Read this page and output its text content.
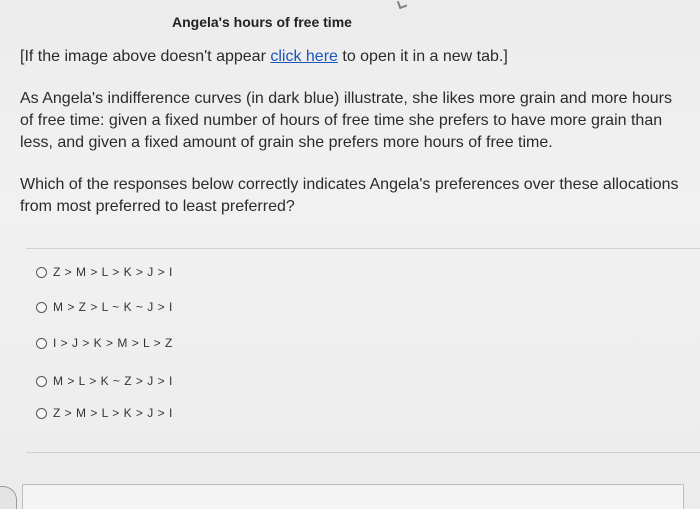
Angela's hours of free time
[If the image above doesn't appear click here to open it in a new tab.]
As Angela's indifference curves (in dark blue) illustrate, she likes more grain and more hours of free time: given a fixed number of hours of free time she prefers to have more grain than less, and given a fixed amount of grain she prefers more hours of free time.
Which of the responses below correctly indicates Angela's preferences over these allocations from most preferred to least preferred?
Z > M > L > K > J > I
M > Z > L ~ K ~ J > I
I > J > K > M > L > Z
M > L > K ~ Z > J > I
Z > M > L > K > J > I
